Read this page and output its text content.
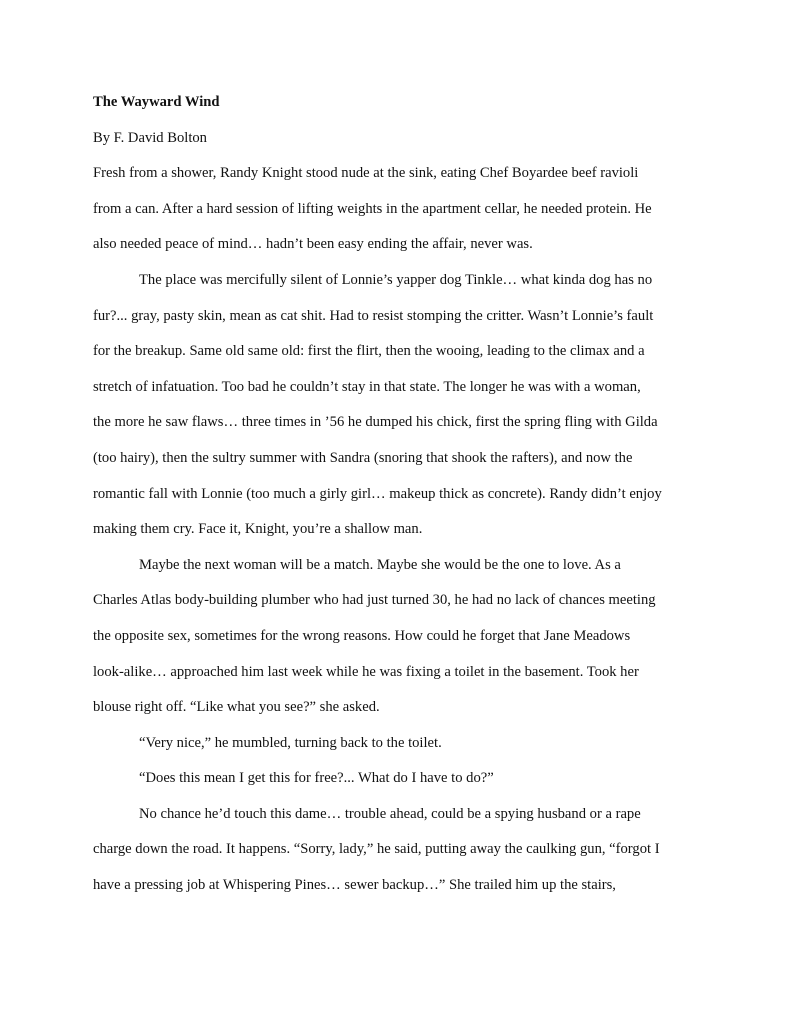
The Wayward Wind
By F. David Bolton
Fresh from a shower, Randy Knight stood nude at the sink, eating Chef Boyardee beef ravioli
from a can. After a hard session of lifting weights in the apartment cellar, he needed protein. He
also needed peace of mind… hadn’t been easy ending the affair, never was.
The place was mercifully silent of Lonnie’s yapper dog Tinkle… what kinda dog has no
fur?... gray, pasty skin, mean as cat shit. Had to resist stomping the critter. Wasn’t Lonnie’s fault
for the breakup. Same old same old: first the flirt, then the wooing, leading to the climax and a
stretch of infatuation. Too bad he couldn’t stay in that state. The longer he was with a woman,
the more he saw flaws… three times in ’56 he dumped his chick, first the spring fling with Gilda
(too hairy), then the sultry summer with Sandra (snoring that shook the rafters), and now the
romantic fall with Lonnie (too much a girly girl… makeup thick as concrete). Randy didn’t enjoy
making them cry. Face it, Knight, you’re a shallow man.
Maybe the next woman will be a match. Maybe she would be the one to love. As a
Charles Atlas body-building plumber who had just turned 30, he had no lack of chances meeting
the opposite sex, sometimes for the wrong reasons. How could he forget that Jane Meadows
look-alike… approached him last week while he was fixing a toilet in the basement. Took her
blouse right off. “Like what you see?” she asked.
“Very nice,” he mumbled, turning back to the toilet.
“Does this mean I get this for free?... What do I have to do?”
No chance he’d touch this dame… trouble ahead, could be a spying husband or a rape
charge down the road. It happens. “Sorry, lady,” he said, putting away the caulking gun, “forgot I
have a pressing job at Whispering Pines… sewer backup…” She trailed him up the stairs,
